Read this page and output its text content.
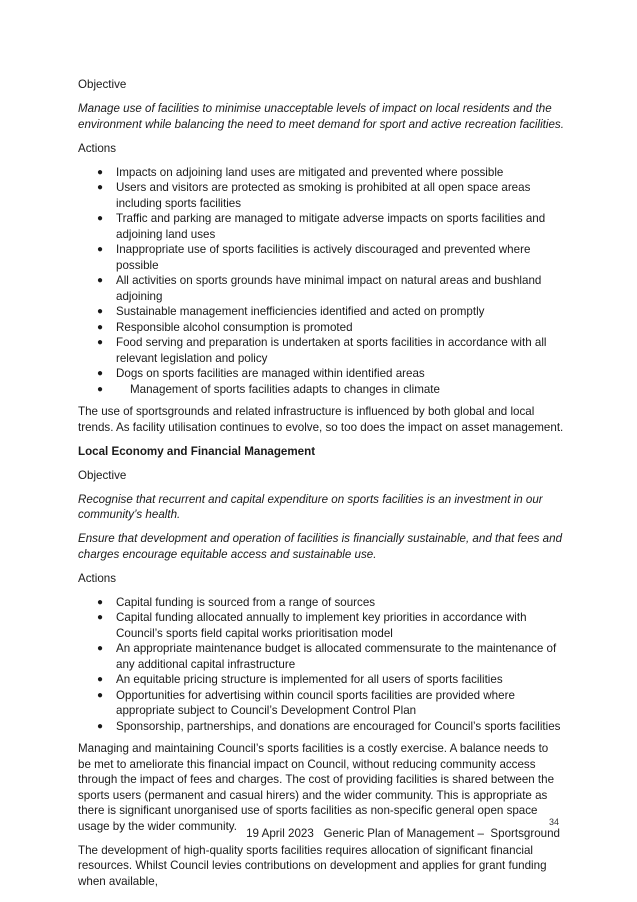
Objective

Manage use of facilities to minimise unacceptable levels of impact on local residents and the environment while balancing the need to meet demand for sport and active recreation facilities.

Actions

● Impacts on adjoining land uses are mitigated and prevented where possible
● Users and visitors are protected as smoking is prohibited at all open space areas including sports facilities
● Traffic and parking are managed to mitigate adverse impacts on sports facilities and adjoining land uses
● Inappropriate use of sports facilities is actively discouraged and prevented where possible
● All activities on sports grounds have minimal impact on natural areas and bushland adjoining
● Sustainable management inefficiencies identified and acted on promptly
● Responsible alcohol consumption is promoted
● Food serving and preparation is undertaken at sports facilities in accordance with all relevant legislation and policy
● Dogs on sports facilities are managed within identified areas
● Management of sports facilities adapts to changes in climate

The use of sportsgrounds and related infrastructure is influenced by both global and local trends. As facility utilisation continues to evolve, so too does the impact on asset management.

Local Economy and Financial Management

Objective

Recognise that recurrent and capital expenditure on sports facilities is an investment in our community’s health.

Ensure that development and operation of facilities is financially sustainable, and that fees and charges encourage equitable access and sustainable use.

Actions

● Capital funding is sourced from a range of sources
● Capital funding allocated annually to implement key priorities in accordance with Council’s sports field capital works prioritisation model
● An appropriate maintenance budget is allocated commensurate to the maintenance of any additional capital infrastructure
● An equitable pricing structure is implemented for all users of sports facilities
● Opportunities for advertising within council sports facilities are provided where appropriate subject to Council’s Development Control Plan
● Sponsorship, partnerships, and donations are encouraged for Council’s sports facilities

Managing and maintaining Council’s sports facilities is a costly exercise. A balance needs to be met to ameliorate this financial impact on Council, without reducing community access through the impact of fees and charges. The cost of providing facilities is shared between the sports users (permanent and casual hirers) and the wider community. This is appropriate as there is significant unorganised use of sports facilities as non-specific general open space usage by the wider community.

The development of high-quality sports facilities requires allocation of significant financial resources. Whilst Council levies contributions on development and applies for grant funding when available,

34
19 April 2023 Generic Plan of Management –  Sportsground
